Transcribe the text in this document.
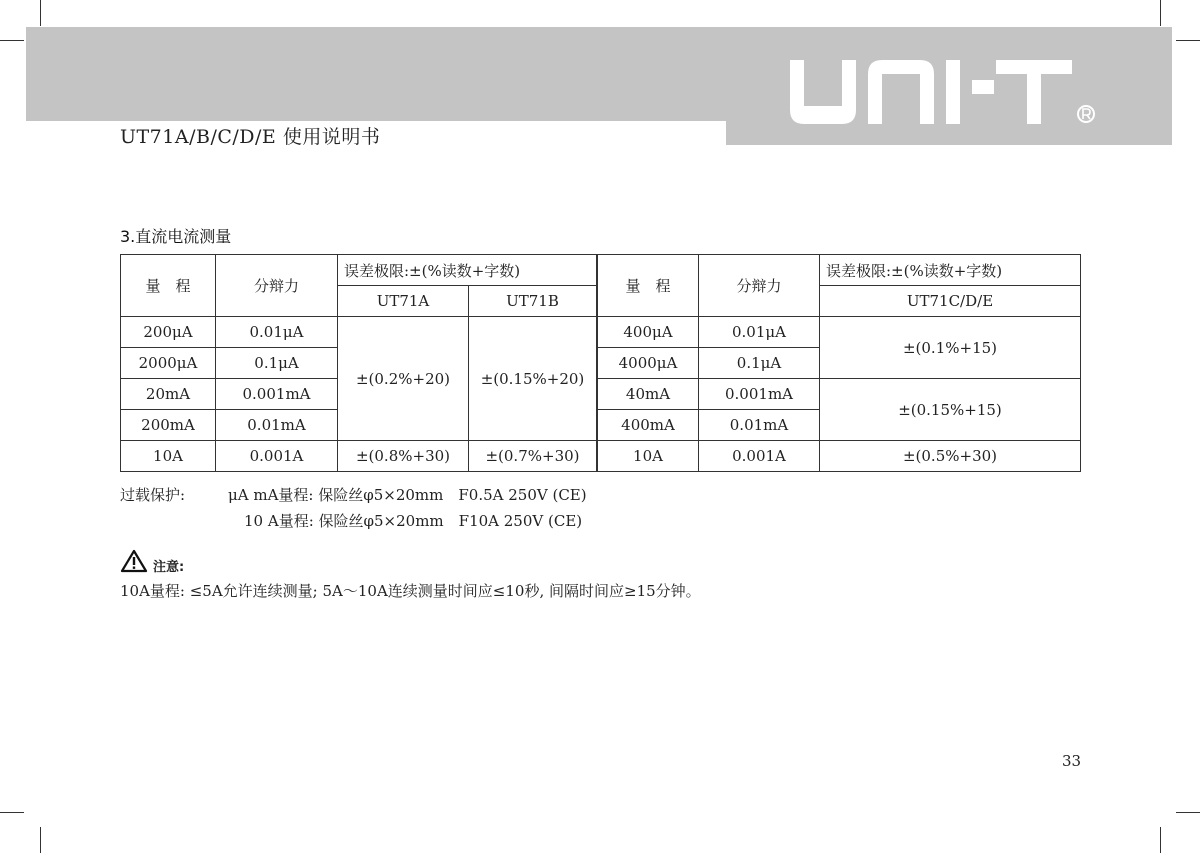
UT71A/B/C/D/E 使用说明书
3.直流电流测量
量　程	分辩力	误差极限:±(%读数+字数)	
		UT71A	UT71B
200μA	0.01μA	±(0.2%+20)	±(0.15%+20)
2000μA	0.1μA		
20mA	0.001mA		
200mA	0.01mA		
10A	0.001A	±(0.8%+30)	±(0.7%+30)
量　程	分辩力	误差极限:±(%读数+字数)
		UT71C/D/E
400μA	0.01μA	±(0.1%+15)
4000μA	0.1μA	
40mA	0.001mA	±(0.15%+15)
400mA	0.01mA	
10A	0.001A	±(0.5%+30)
过载保护:	μA mA量程: 保险丝φ5×20mm　F0.5A 250V (CE)
10 A量程: 保险丝φ5×20mm　F10A 250V (CE)
注意:
10A量程: ≤5A允许连续测量; 5A～10A连续测量时间应≤10秒, 间隔时间应≥15分钟。
33
